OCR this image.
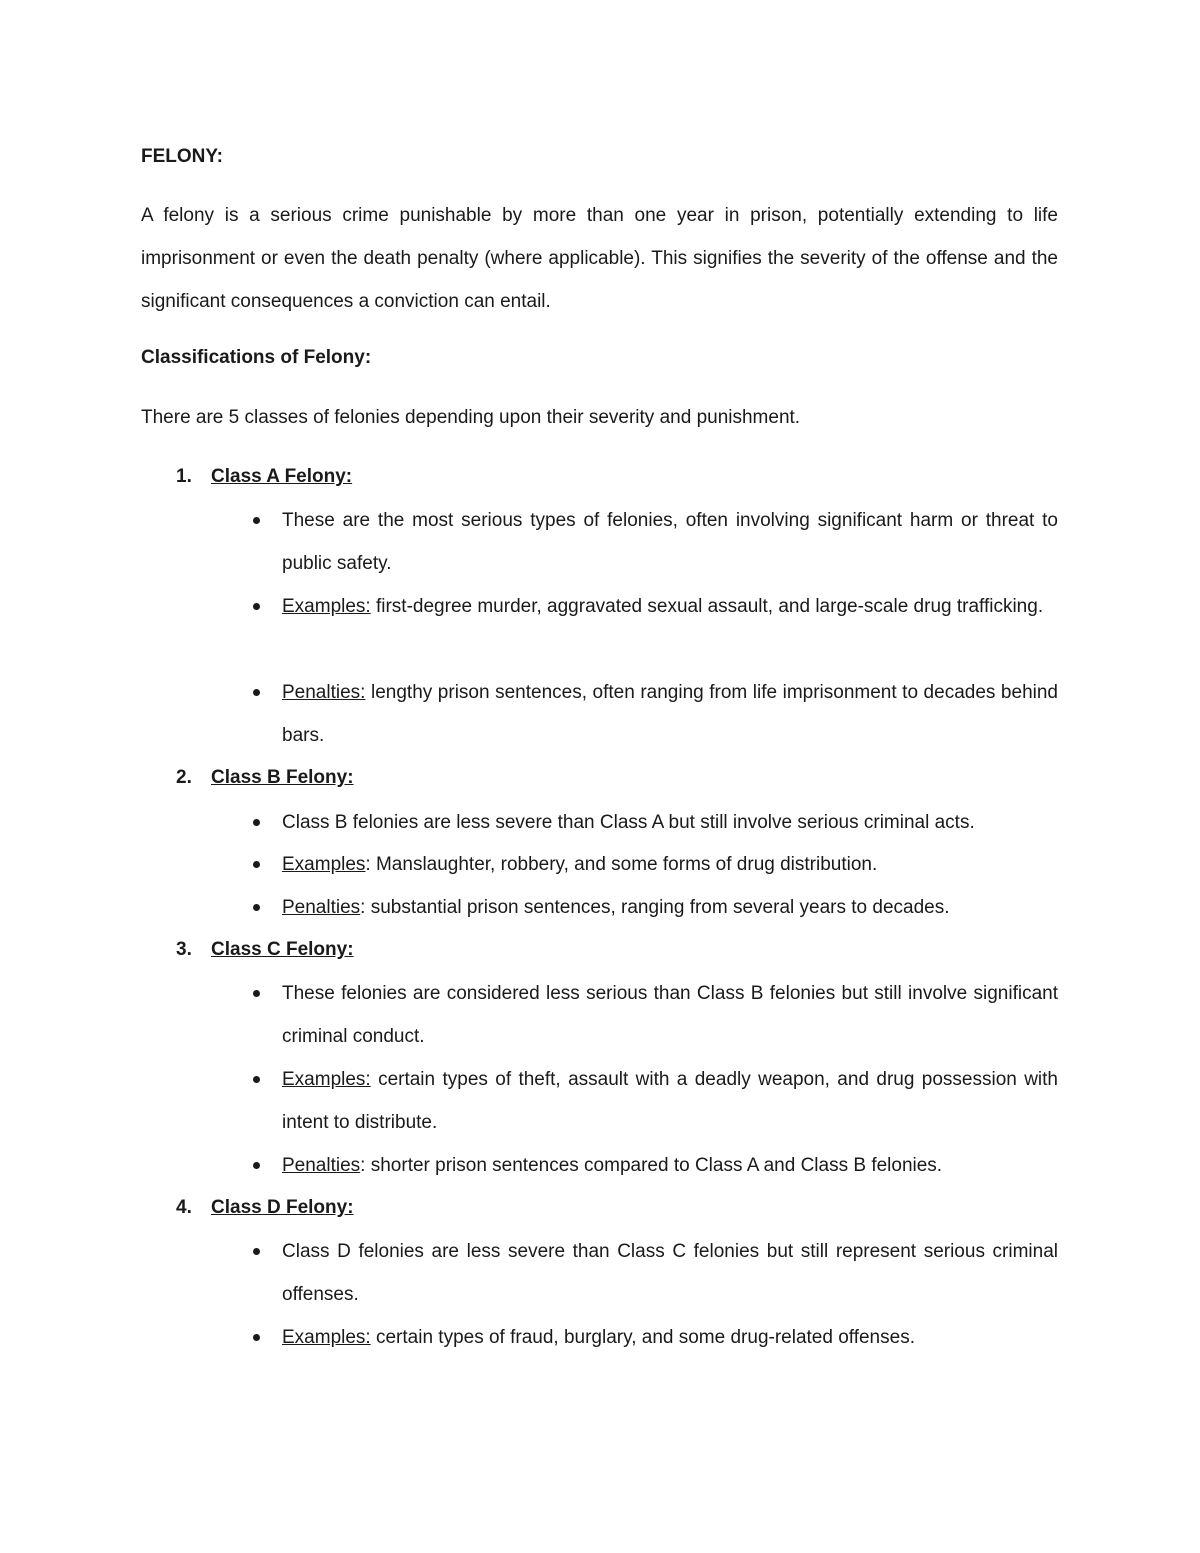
FELONY:
A felony is a serious crime punishable by more than one year in prison, potentially extending to life imprisonment or even the death penalty (where applicable). This signifies the severity of the offense and the significant consequences a conviction can entail.
Classifications of Felony:
There are 5 classes of felonies depending upon their severity and punishment.
1. Class A Felony:
These are the most serious types of felonies, often involving significant harm or threat to public safety.
Examples: first-degree murder, aggravated sexual assault, and large-scale drug trafficking.
Penalties: lengthy prison sentences, often ranging from life imprisonment to decades behind bars.
2. Class B Felony:
Class B felonies are less severe than Class A but still involve serious criminal acts.
Examples: Manslaughter, robbery, and some forms of drug distribution.
Penalties: substantial prison sentences, ranging from several years to decades.
3. Class C Felony:
These felonies are considered less serious than Class B felonies but still involve significant criminal conduct.
Examples: certain types of theft, assault with a deadly weapon, and drug possession with intent to distribute.
Penalties: shorter prison sentences compared to Class A and Class B felonies.
4. Class D Felony:
Class D felonies are less severe than Class C felonies but still represent serious criminal offenses.
Examples: certain types of fraud, burglary, and some drug-related offenses.
